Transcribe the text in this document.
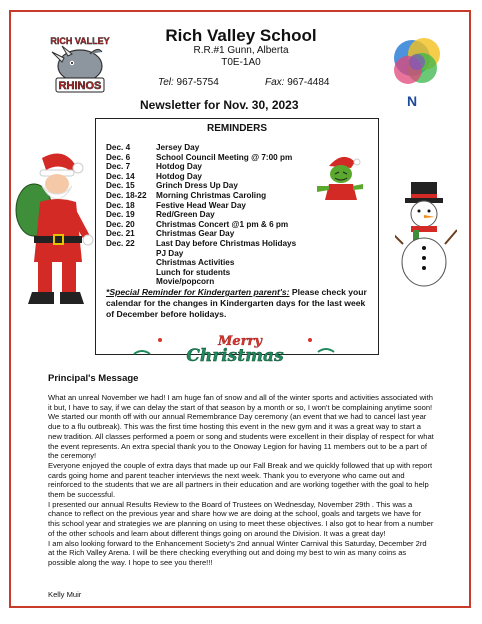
RICH VALLEY
RHINOS
Rich Valley School
R.R.#1 Gunn, Alberta
T0E-1A0
Tel: 967-5754	Fax: 967-4484
Newsletter for Nov. 30, 2023	N
REMINDERS
Dec. 4	Jersey Day
Dec. 6	School Council Meeting @ 7:00 pm
Dec. 7	Hotdog Day
Dec. 14	Hotdog Day
Dec. 15	Grinch Dress Up Day
Dec. 18-22	Morning Christmas Caroling
Dec. 18	Festive Head Wear Day
Dec. 19	Red/Green Day
Dec. 20	Christmas Concert @1 pm & 6 pm
Dec. 21	Christmas Gear Day
Dec. 22	Last Day before Christmas Holidays
PJ Day
Christmas Activities
Lunch for students
Movie/popcorn
*Special Reminder for Kindergarten parent's: Please check your calendar for the changes in Kindergarten days for the last week of December before holidays.
Merry
Christmas
Principal's Message

What an unreal November we had! I am huge fan of snow and all of the winter sports and activities associated with it but, I have to say, if we can delay the start of that season by a month or so, I won't be complaining anytime soon! We started our month off with our annual Remembrance Day ceremony (an event that we had to cancel last year due to a flu outbreak). This was the first time hosting this event in the new gym and it was a great way to start a new tradition. All classes performed a poem or song and students were excellent in their display of respect for what the event represents. An extra special thank you to the Onoway Legion for having 11 members out to be a part of the ceremony!

Everyone enjoyed the couple of extra days that made up our Fall Break and we quickly followed that up with report cards going home and parent teacher interviews the next week. Thank you to everyone who came out and reinforced to the students that we are all partners in their education and are working together with the goal to help them be successful.

I presented our annual Results Review to the Board of Trustees on Wednesday, November 29th . This was a chance to reflect on the previous year and share how we are doing at the school, goals and targets we have for this school year and strategies we are planning on using to meet these objectives. I also got to hear from a number of the other schools and learn about different things going on around the Division. It was a great day!

I am also looking forward to the Enhancement Society's 2nd annual Winter Carnival this Saturday, December 2rd at the Rich Valley Arena. I will be there checking everything out and doing my best to win as many coins as possible along the way. I hope to see you there!!!

Kelly Muir
